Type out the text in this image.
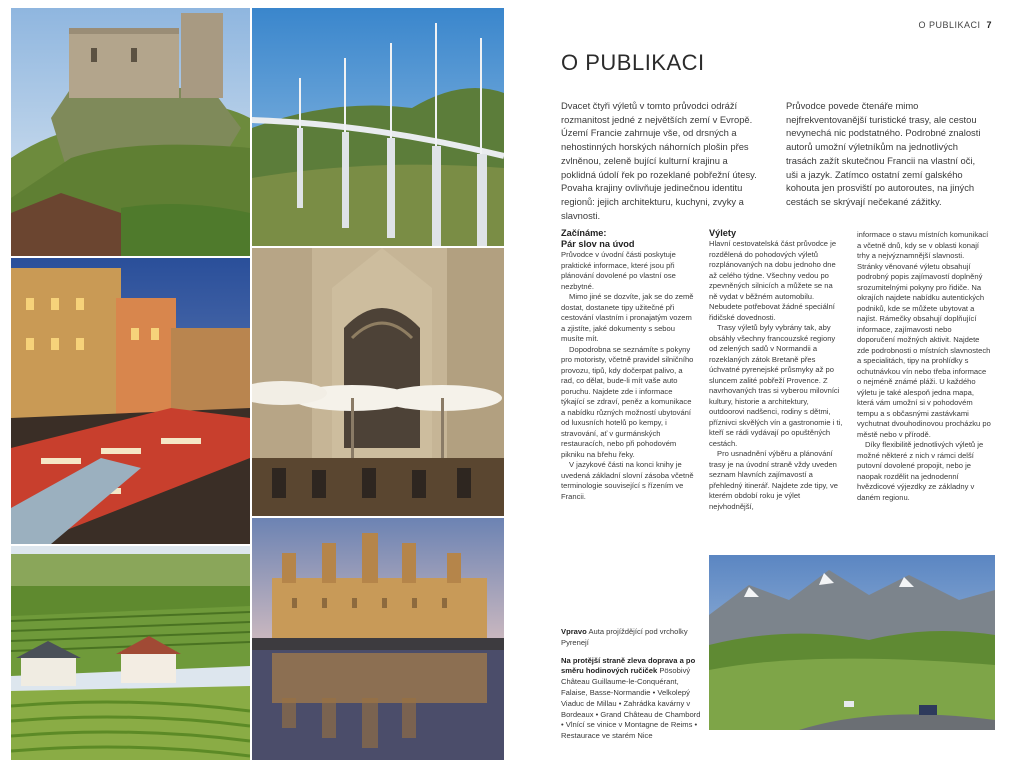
O PUBLIKACI 7
O PUBLIKACI

Dvacet čtyři výletů v tomto průvodci odráží rozmanitost jedné z největších zemí v Evropě. Území Francie zahrnuje vše, od drsných a nehostinných horských náhorních plošin přes zvlněnou, zeleně bující kulturní krajinu a poklidná údolí řek po rozeklané pobřežní útesy. Povaha krajiny ovlivňuje jedinečnou identitu regionů: jejich architekturu, kuchyni, zvyky a slavnosti.

Průvodce povede čtenáře mimo nejfrekventovanější turistické trasy, ale cestou nevynechá nic podstatného. Podrobné znalosti autorů umožní výletníkům na jednotlivých trasách zažít skutečnou Francii na vlastní oči, uši a jazyk. Zatímco ostatní zemí galského kohouta jen prosviští po autoroutes, na jiných cestách se skrývají nečekané zážitky.

Začínáme:
Pár slov na úvod

Průvodce v úvodní části poskytuje praktické informace, které jsou při plánování dovolené po vlastní ose nezbytné.

Mimo jiné se dozvíte, jak se do země dostat, dostanete tipy užitečné při cestování vlastním i pronajatým vozem a zjistíte, jaké dokumenty s sebou musíte mít.

Dopodrobna se seznámíte s pokyny pro motoristy, včetně pravidel silničního provozu, tipů, kdy dočerpat palivo, a rad, co dělat, bude-li mít vaše auto poruchu. Najdete zde i informace týkající se zdraví, peněz a komunikace a nabídku různých možností ubytování od luxusních hotelů po kempy, i stravování, ať v gurmánských restauracích, nebo při pohodovém pikniku na břehu řeky.

V jazykové části na konci knihy je uvedená základní slovní zásoba včetně terminologie související s řízením ve Francii.

Výlety

Hlavní cestovatelská část průvodce je rozdělená do pohodových výletů rozplánovaných na dobu jednoho dne až celého týdne. Všechny vedou po zpevněných silnicích a můžete se na ně vydat v běžném automobilu. Nebudete potřebovat žádné speciální řidičské dovednosti.

Trasy výletů byly vybrány tak, aby obsáhly všechny francouzské regiony od zelených sadů v Normandii a rozeklaných zátok Bretaně přes úchvatné pyrenejské průsmyky až po sluncem zalité pobřeží Provence. Z navrhovaných tras si vyberou milovníci kultury, historie a architektury, outdoorovi nadšenci, rodiny s dětmi, příznivci skvělých vín a gastronomie i ti, kteří se rádi vydávají po opuštěných cestách.

Pro usnadnění výběru a plánování trasy je na úvodní straně vždy uveden seznam hlavních zajímavostí a přehledný itinerář. Najdete zde tipy, ve kterém období roku je výlet nejvhodnější,

informace o stavu místních komunikací a včetně dnů, kdy se v oblasti konají trhy a nejvýznamnější slavnosti. Stránky věnované výletu obsahují podrobný popis zajímavostí doplněný srozumitelnými pokyny pro řidiče. Na okrajích najdete nabídku autentických podniků, kde se můžete ubytovat a najíst. Rámečky obsahují doplňující informace, zajímavosti nebo doporučení možných aktivit. Najdete zde podrobnosti o místních slavnostech a specialitách, tipy na prohlídky s ochutnávkou vín nebo třeba informace o nejméně známé pláži. U každého výletu je také alespoň jedna mapa, která vám umožní si v pohodovém tempu a s občasnými zastávkami vychutnat dvouhodinovou procházku po městě nebo v přírodě.

Díky flexibilitě jednotlivých výletů je možné některé z nich v rámci delší putovní dovolené propojit, nebo je naopak rozdělit na jednodenní hvězdicové výjezdky ze základny v daném regionu.

Vpravo Auta projíždějící pod vrcholky Pyrenejí

Na protější straně zleva doprava a po směru hodinových ručiček Pösobivý Château Guillaume-le-Conquérant, Falaise, Basse-Normandie • Velkolepý Viaduc de Millau • Zahrádka kavárny v Bordeaux • Grand Château de Chambord • Vlnící se vinice v Montagne de Reims • Restaurace ve starém Nice
